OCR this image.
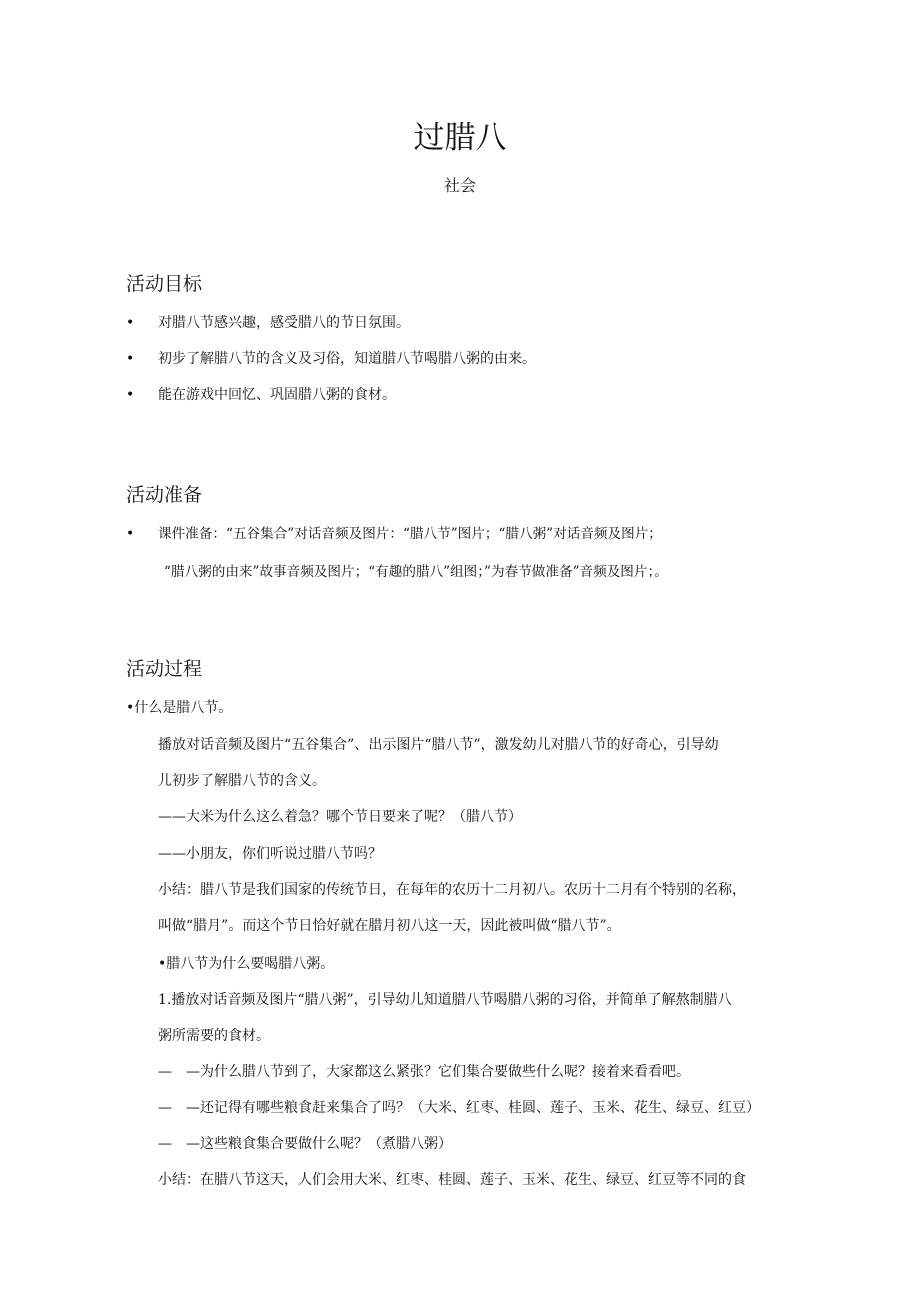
过腊八
社会
活动目标
• 对腊八节感兴趣，感受腊八的节日氛围。
• 初步了解腊八节的含义及习俗，知道腊八节喝腊八粥的由来。
• 能在游戏中回忆、巩固腊八粥的食材。
活动准备
• 课件准备：“五谷集合”对话音频及图片：“腊八节”图片；“腊八粥”对话音频及图片；
“腊八粥的由来”故事音频及图片；“有趣的腊八”组图；”为春节做准备”音频及图片；。
活动过程
•什么是腊八节。
播放对话音频及图片“五谷集合”、出示图片“腊八节”，激发幼儿对腊八节的好奇心，引导幼
儿初步了解腊八节的含义。
——大米为什么这么着急？哪个节日要来了呢？（腊八节）
——小朋友，你们听说过腊八节吗？
小结：腊八节是我们国家的传统节日，在每年的农历十二月初八。农历十二月有个特别的名称，
叫做“腊月”。而这个节日恰好就在腊月初八这一天，因此被叫做“腊八节”。
•腊八节为什么要喝腊八粥。
1.播放对话音频及图片“腊八粥”，引导幼儿知道腊八节喝腊八粥的习俗，并简单了解熬制腊八
粥所需要的食材。
—　—为什么腊八节到了，大家都这么紧张？它们集合要做些什么呢？接着来看看吧。
—　—还记得有哪些粮食赶来集合了吗？（大米、红枣、桂圆、莲子、玉米、花生、绿豆、红豆）
—　—这些粮食集合要做什么呢？（煮腊八粥）
小结：在腊八节这天，人们会用大米、红枣、桂圆、莲子、玉米、花生、绿豆、红豆等不同的食
